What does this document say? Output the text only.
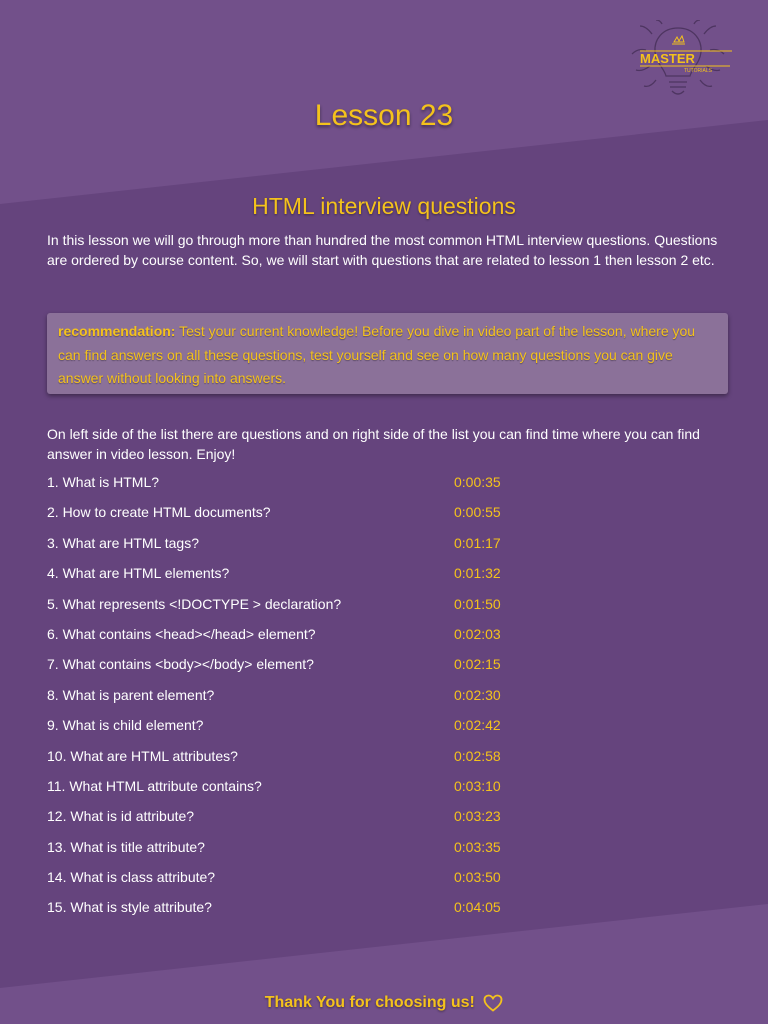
MASTER
TUTORIALS
Lesson 23
HTML interview questions
In this lesson we will go through more than hundred the most common HTML interview questions. Questions are ordered by course content. So, we will start with questions that are related to lesson 1 then lesson 2 etc.
recommendation: Test your current knowledge! Before you dive in video part of the lesson, where you can find answers on all these questions, test yourself and see on how many questions you can give answer without looking into answers.
On left side of the list there are questions and on right side of the list you can find time where you can find answer in video lesson. Enjoy!
1. What is HTML?	0:00:35
2. How to create HTML documents?	0:00:55
3. What are HTML tags?	0:01:17
4. What are HTML elements?	0:01:32
5. What represents <!DOCTYPE > declaration?	0:01:50
6. What contains <head></head> element?	0:02:03
7. What contains <body></body> element?	0:02:15
8. What is parent element?	0:02:30
9. What is child element?	0:02:42
10. What are HTML attributes?	0:02:58
11. What HTML attribute contains?	0:03:10
12. What is id attribute?	0:03:23
13. What is title attribute?	0:03:35
14. What is class attribute?	0:03:50
15. What is style attribute?	0:04:05
Thank You for choosing us!
